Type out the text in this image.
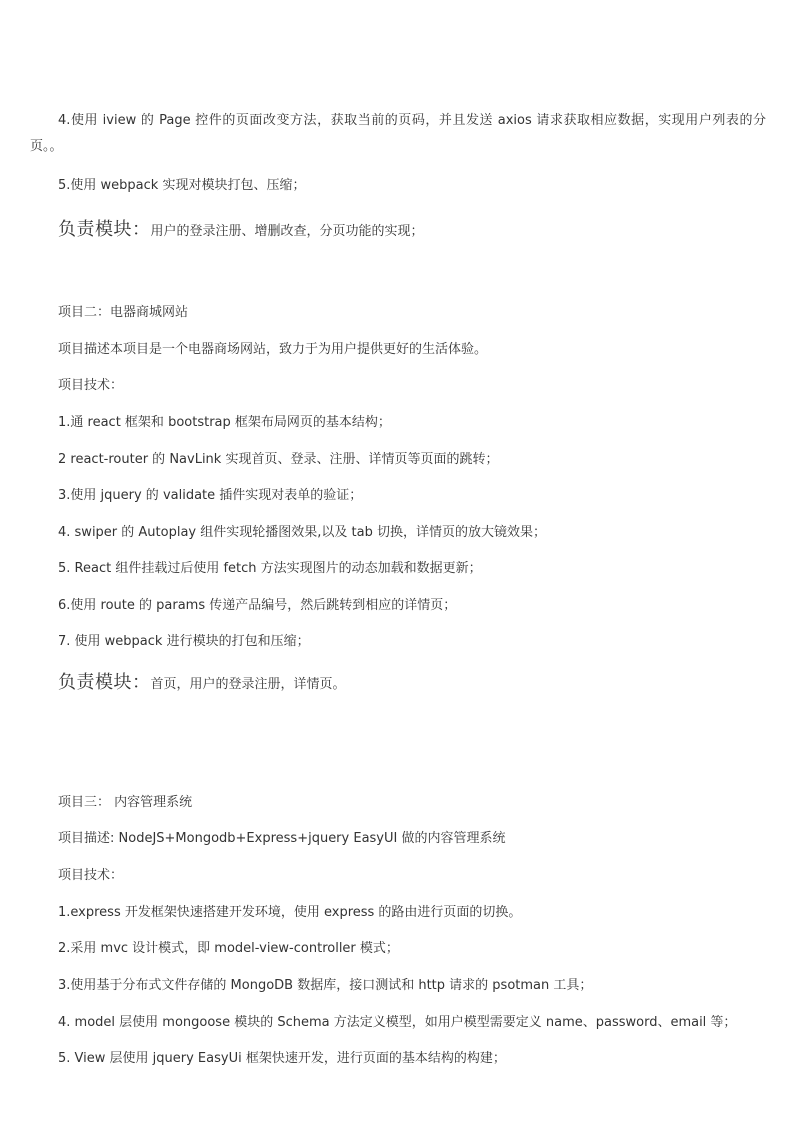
4.使用 iview 的 Page 控件的页面改变方法，获取当前的页码，并且发送 axios 请求获取相应数据，实现用户列表的分页。。
5.使用 webpack 实现对模块打包、压缩；
负责模块：用户的登录注册、增删改查，分页功能的实现；
项目二：电器商城网站
项目描述本项目是一个电器商场网站，致力于为用户提供更好的生活体验。
项目技术：
1.通 react 框架和 bootstrap 框架布局网页的基本结构；
2 react-router 的 NavLink 实现首页、登录、注册、详情页等页面的跳转；
3.使用 jquery 的 validate 插件实现对表单的验证；
4. swiper 的 Autoplay 组件实现轮播图效果,以及 tab 切换，详情页的放大镜效果；
5. React 组件挂载过后使用 fetch 方法实现图片的动态加载和数据更新；
6.使用 route 的 params 传递产品编号，然后跳转到相应的详情页；
7. 使用 webpack 进行模块的打包和压缩；
负责模块：首页，用户的登录注册，详情页。
项目三： 内容管理系统
项目描述: NodeJS+Mongodb+Express+jquery EasyUI 做的内容管理系统
项目技术：
1.express 开发框架快速搭建开发环境，使用 express 的路由进行页面的切换。
2.采用 mvc 设计模式，即 model-view-controller 模式；
3.使用基于分布式文件存储的 MongoDB 数据库，接口测试和 http 请求的 psotman 工具；
4. model 层使用 mongoose 模块的 Schema 方法定义模型，如用户模型需要定义 name、password、email 等；
5. View 层使用 jquery EasyUi 框架快速开发，进行页面的基本结构的构建；
